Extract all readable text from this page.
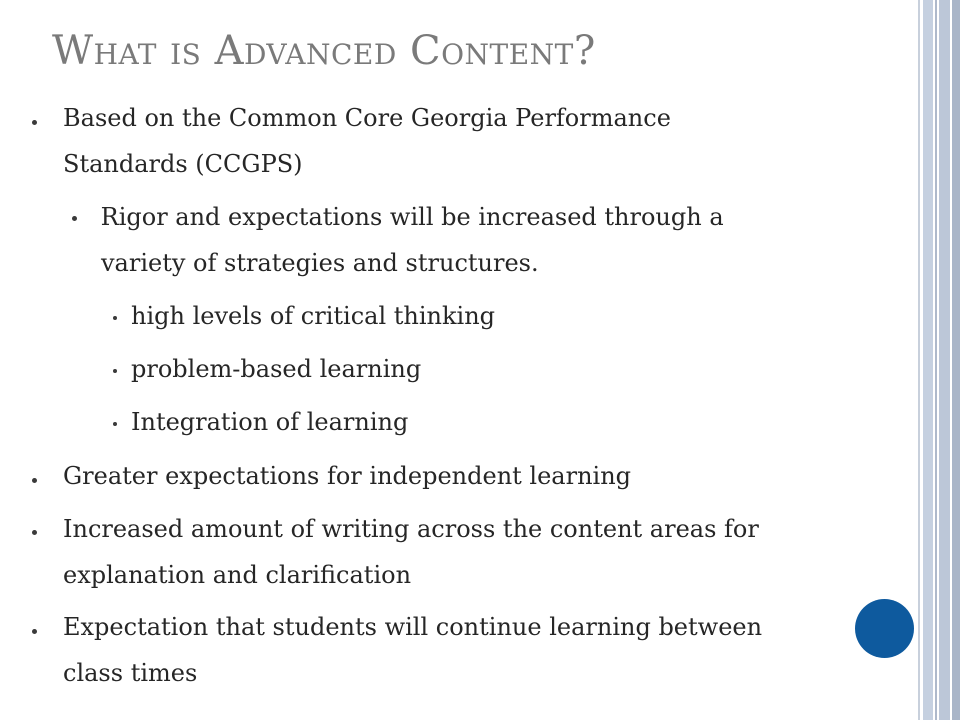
What is Advanced Content?
Based on the Common Core Georgia Performance
Standards (CCGPS)
Rigor and expectations will be increased through a
variety of strategies and structures.
high levels of critical thinking
problem-based learning
Integration of learning
Greater expectations for independent learning
Increased amount of writing across the content areas for
explanation and clarification
Expectation that students will continue learning between
class times
